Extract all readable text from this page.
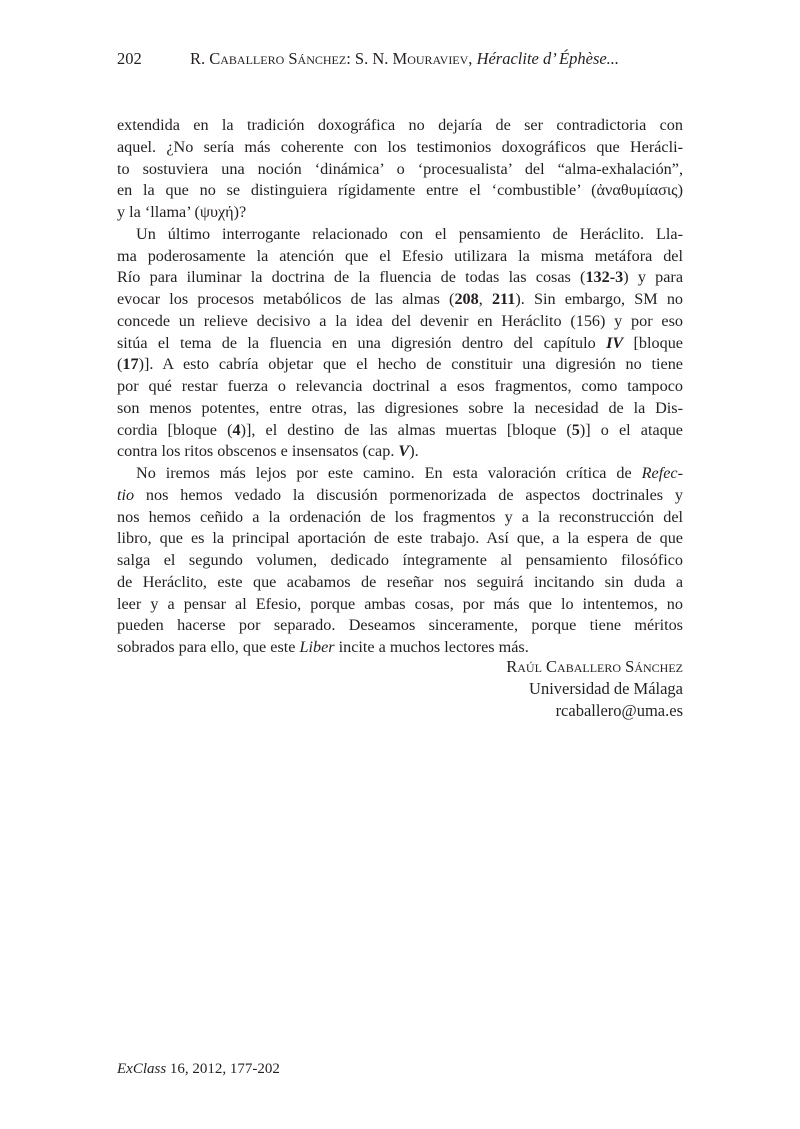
202	R. Caballero Sánchez: S. N. Mouraviev, Héraclite d’ Éphèse...
extendida en la tradición doxográfica no dejaría de ser contradictoria con
aquel. ¿No sería más coherente con los testimonios doxográficos que Herácli-
to sostuviera una noción ‘dinámica’ o ‘procesualista’ del “alma-exhalación”,
en la que no se distinguiera rígidamente entre el ‘combustible’ (ἀναθυμίασις)
y la ‘llama’ (ψυχή)?
Un último interrogante relacionado con el pensamiento de Heráclito. Lla-
ma poderosamente la atención que el Efesio utilizara la misma metáfora del
Río para iluminar la doctrina de la fluencia de todas las cosas (132-3) y para
evocar los procesos metabólicos de las almas (208, 211). Sin embargo, SM no
concede un relieve decisivo a la idea del devenir en Heráclito (156) y por eso
sitúa el tema de la fluencia en una digresión dentro del capítulo IV [bloque
(17)]. A esto cabría objetar que el hecho de constituir una digresión no tiene
por qué restar fuerza o relevancia doctrinal a esos fragmentos, como tampoco
son menos potentes, entre otras, las digresiones sobre la necesidad de la Dis-
cordia [bloque (4)], el destino de las almas muertas [bloque (5)] o el ataque
contra los ritos obscenos e insensatos (cap. V).
No iremos más lejos por este camino. En esta valoración crítica de Refec-
tio nos hemos vedado la discusión pormenorizada de aspectos doctrinales y
nos hemos ceñido a la ordenación de los fragmentos y a la reconstrucción del
libro, que es la principal aportación de este trabajo. Así que, a la espera de que
salga el segundo volumen, dedicado íntegramente al pensamiento filosófico
de Heráclito, este que acabamos de reseñar nos seguirá incitando sin duda a
leer y a pensar al Efesio, porque ambas cosas, por más que lo intentemos, no
pueden hacerse por separado. Deseamos sinceramente, porque tiene méritos
sobrados para ello, que este Liber incite a muchos lectores más.
Raúl Caballero Sánchez
Universidad de Málaga
rcaballero@uma.es
ExClass 16, 2012, 177-202
